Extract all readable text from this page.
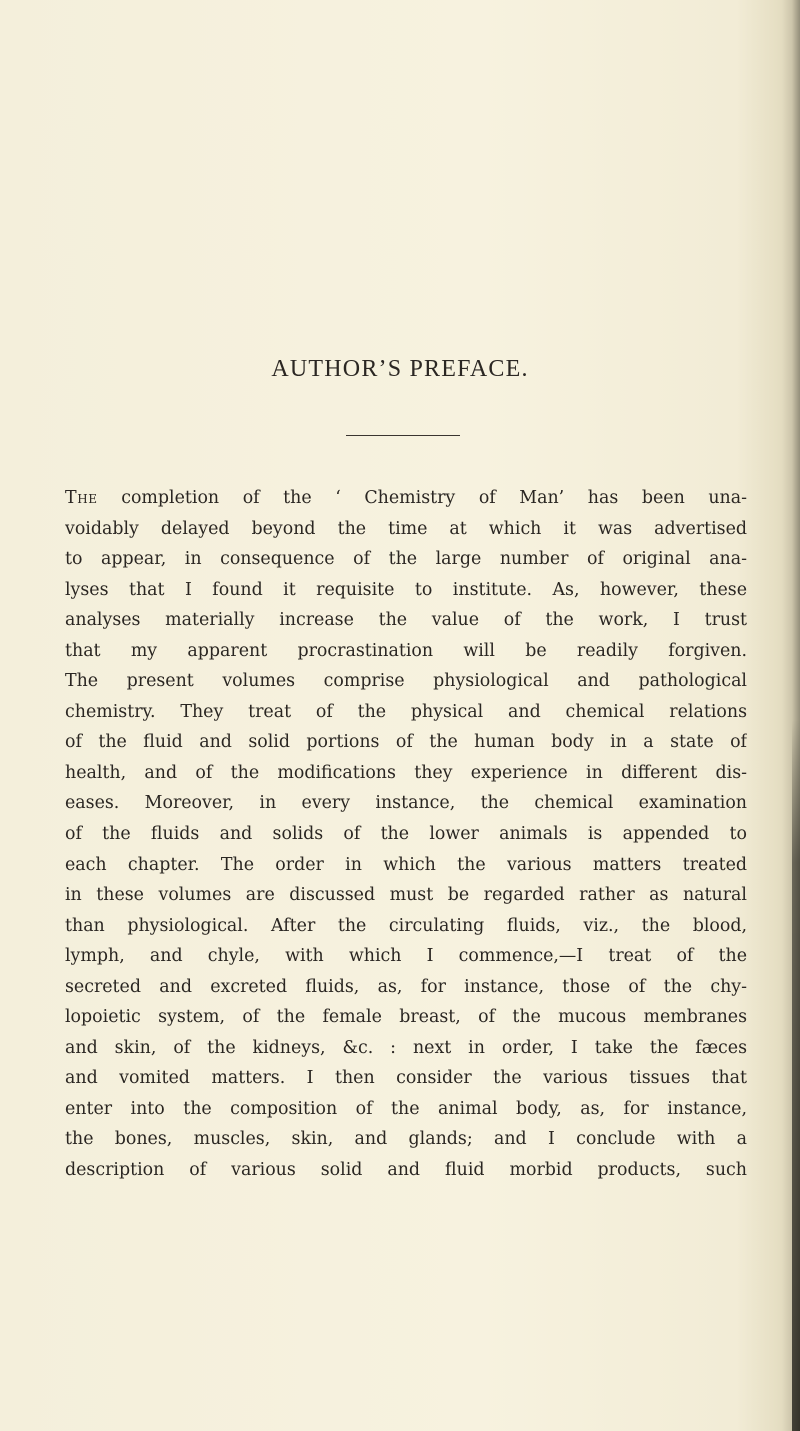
AUTHOR’S PREFACE.
The completion of the ‘ Chemistry of Man’ has been una-
voidably delayed beyond the time at which it was advertised
to appear, in consequence of the large number of original ana-
lyses that I found it requisite to institute. As, however, these
analyses materially increase the value of the work, I trust
that my apparent procrastination will be readily forgiven.
The present volumes comprise physiological and pathological
chemistry. They treat of the physical and chemical relations
of the fluid and solid portions of the human body in a state of
health, and of the modifications they experience in different dis-
eases. Moreover, in every instance, the chemical examination
of the fluids and solids of the lower animals is appended to
each chapter. The order in which the various matters treated
in these volumes are discussed must be regarded rather as natural
than physiological. After the circulating fluids, viz., the blood,
lymph, and chyle, with which I commence,—I treat of the
secreted and excreted fluids, as, for instance, those of the chy-
lopoietic system, of the female breast, of the mucous membranes
and skin, of the kidneys, &c. : next in order, I take the fæces
and vomited matters. I then consider the various tissues that
enter into the composition of the animal body, as, for instance,
the bones, muscles, skin, and glands; and I conclude with a
description of various solid and fluid morbid products, such
